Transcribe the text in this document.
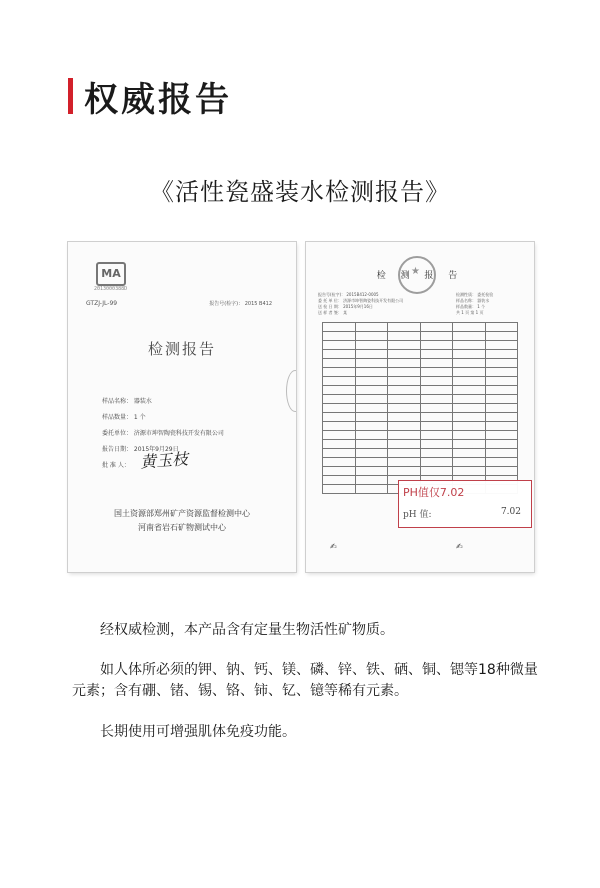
权威报告
《活性瓷盛装水检测报告》
MA
2013000388D
GTZJ-JL-99	报告号(检字)： 2015 B412
检测报告
样品名称： 器装水
样品数量： 1 个
委托单位： 济源市坤智陶瓷科技开发有限公司
报告日期： 2015年9月29日
批 准 人： 黄玉枝
国土资源部郑州矿产资源监督检测中心
河南省岩石矿物测试中心
★
检 测 报 告
报告号(检字)： 2015B412-0005
委 托 单 位： 济源市坤智陶瓷科技开发有限公司
送 检 日 期： 2015年9月16日
送 样 者 签： 某
检测性质： 委托检验
样品名称： 器装水
样品数量： 1 个
共 1 页 第 1 页

PH值仅7.02
pH 值:	7.02
✍	✍
经权威检测，本产品含有定量生物活性矿物质。
如人体所必须的钾、钠、钙、镁、磷、锌、铁、硒、铜、锶等18种微量元素；含有硼、锗、锡、铬、铈、钇、镱等稀有元素。
长期使用可增强肌体免疫功能。
